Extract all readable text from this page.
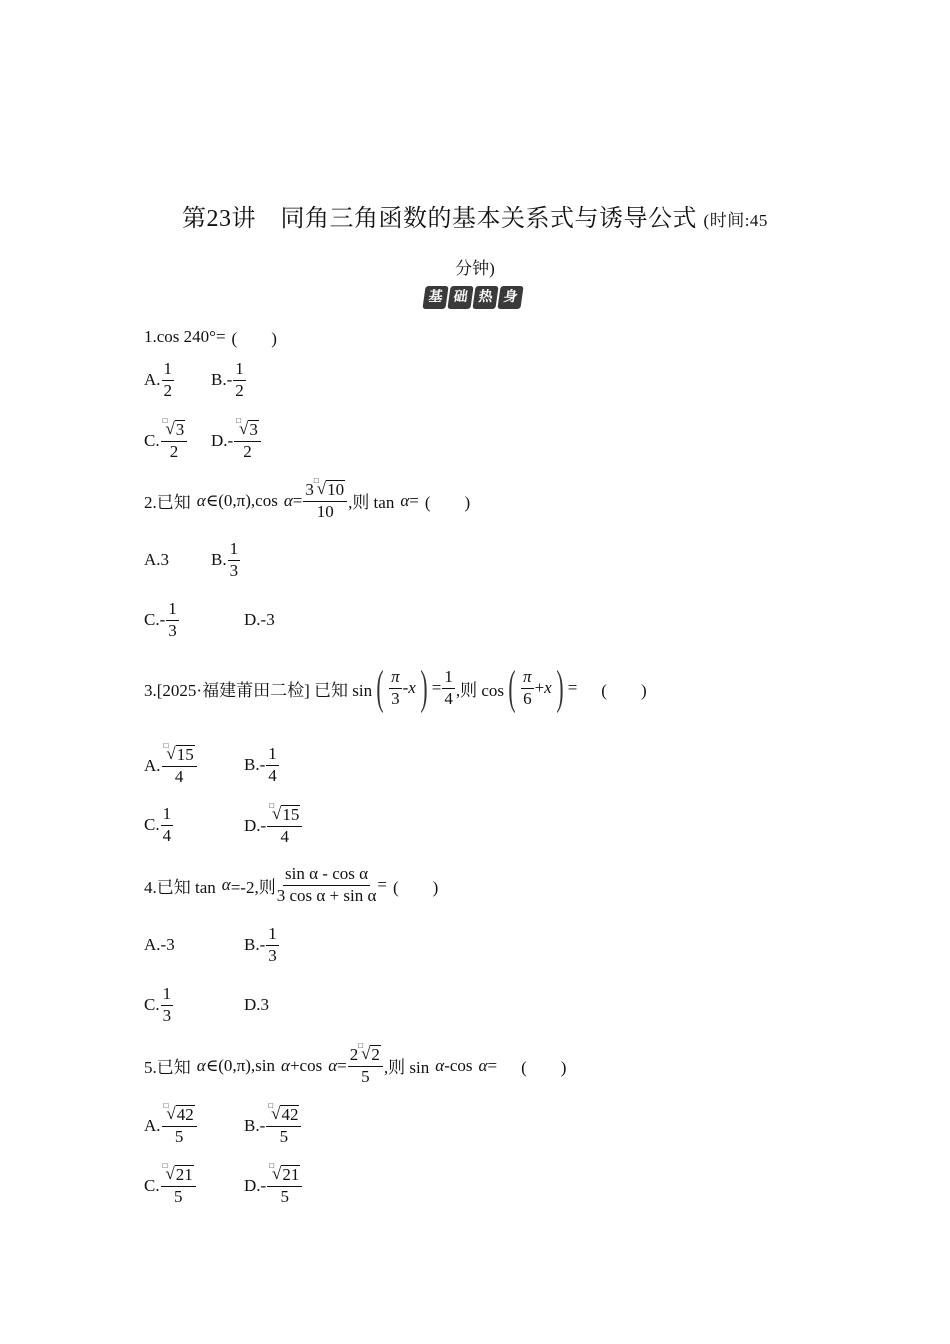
第23讲　同角三角函数的基本关系式与诱导公式 (时间:45
分钟)
基 础 热 身
1.cos 240°= (　　)
A. $\frac{1}{2} B.- \frac{1}{2}$
C. □
√ 3
2 D.- □
√ 3
2
2.已知 α ∈(0,π),cos α = 3 □
√ 10
10 ,则 tan α = (　　)
A.3 B. $\frac{1}{3}$
$C.- \frac{1}{3}$	D.-3
3.[2025·福建莆田二检] 已知 sin ( $\frac{\pi}{3}$ - x ) = $\frac{1}{4}$ ,则 cos ( $\frac{\pi}{6} + x$ ) = (　　)
A. □
√ 15
4	$B.- \frac{1}{4}$
C. $\frac{1}{4}$	D.- □
√ 15
4
4.已知 tan α =-2,则 $\frac{\text{sin α - cos α}}{\text{3 cos α + sin α}}$ = (　　)
A.-3	$B.- \frac{1}{3}$
C. $\frac{1}{3}$	D.3
5.已知 α ∈(0,π),sin α +cos α = 2 □
√ 2
5 ,则 sin α -cos α = (　　)
A. □
√ 42
5	B.- □
√ 42
5
C. □
√ 21
5	D.- □
√ 21
5
